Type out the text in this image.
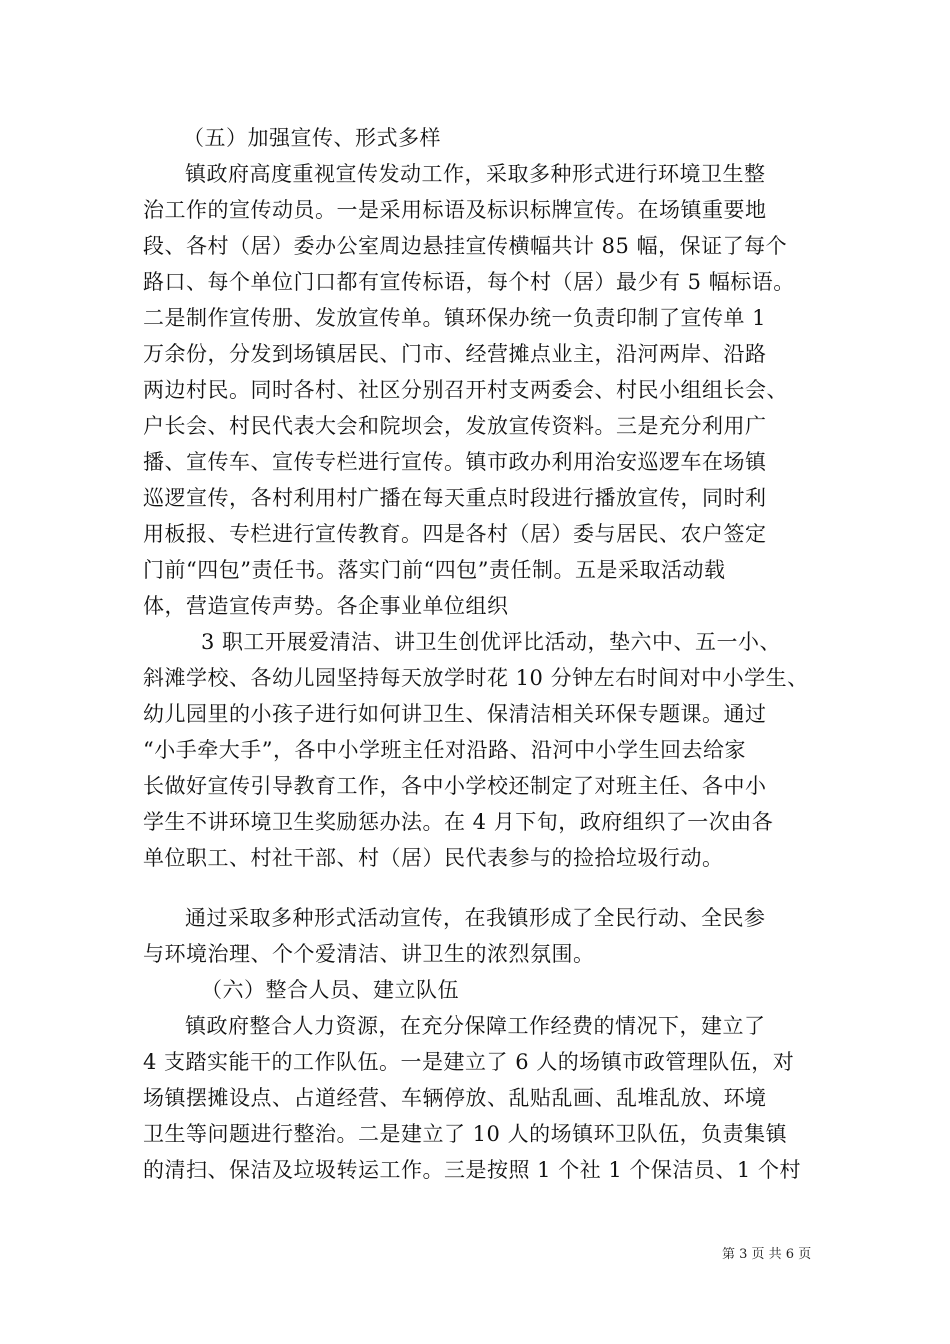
（五）加强宣传、形式多样
镇政府高度重视宣传发动工作，采取多种形式进行环境卫生整
治工作的宣传动员。一是采用标语及标识标牌宣传。在场镇重要地
段、各村（居）委办公室周边悬挂宣传横幅共计 85 幅，保证了每个
路口、每个单位门口都有宣传标语，每个村（居）最少有 5 幅标语。
二是制作宣传册、发放宣传单。镇环保办统一负责印制了宣传单 1
万余份，分发到场镇居民、门市、经营摊点业主，沿河两岸、沿路
两边村民。同时各村、社区分别召开村支两委会、村民小组组长会、
户长会、村民代表大会和院坝会，发放宣传资料。三是充分利用广
播、宣传车、宣传专栏进行宣传。镇市政办利用治安巡逻车在场镇
巡逻宣传，各村利用村广播在每天重点时段进行播放宣传，同时利
用板报、专栏进行宣传教育。四是各村（居）委与居民、农户签定
门前“四包”责任书。落实门前“四包”责任制。五是采取活动载
体，营造宣传声势。各企事业单位组织
3 职工开展爱清洁、讲卫生创优评比活动，垫六中、五一小、
斜滩学校、各幼儿园坚持每天放学时花 10 分钟左右时间对中小学生、
幼儿园里的小孩子进行如何讲卫生、保清洁相关环保专题课。通过
“小手牵大手”，各中小学班主任对沿路、沿河中小学生回去给家
长做好宣传引导教育工作，各中小学校还制定了对班主任、各中小
学生不讲环境卫生奖励惩办法。在 4 月下旬，政府组织了一次由各
单位职工、村社干部、村（居）民代表参与的捡拾垃圾行动。
通过采取多种形式活动宣传，在我镇形成了全民行动、全民参
与环境治理、个个爱清洁、讲卫生的浓烈氛围。
（六）整合人员、建立队伍
镇政府整合人力资源，在充分保障工作经费的情况下，建立了
4 支踏实能干的工作队伍。一是建立了 6 人的场镇市政管理队伍，对
场镇摆摊设点、占道经营、车辆停放、乱贴乱画、乱堆乱放、环境
卫生等问题进行整治。二是建立了 10 人的场镇环卫队伍，负责集镇
的清扫、保洁及垃圾转运工作。三是按照 1 个社 1 个保洁员、1 个村
第 3 页 共 6 页
